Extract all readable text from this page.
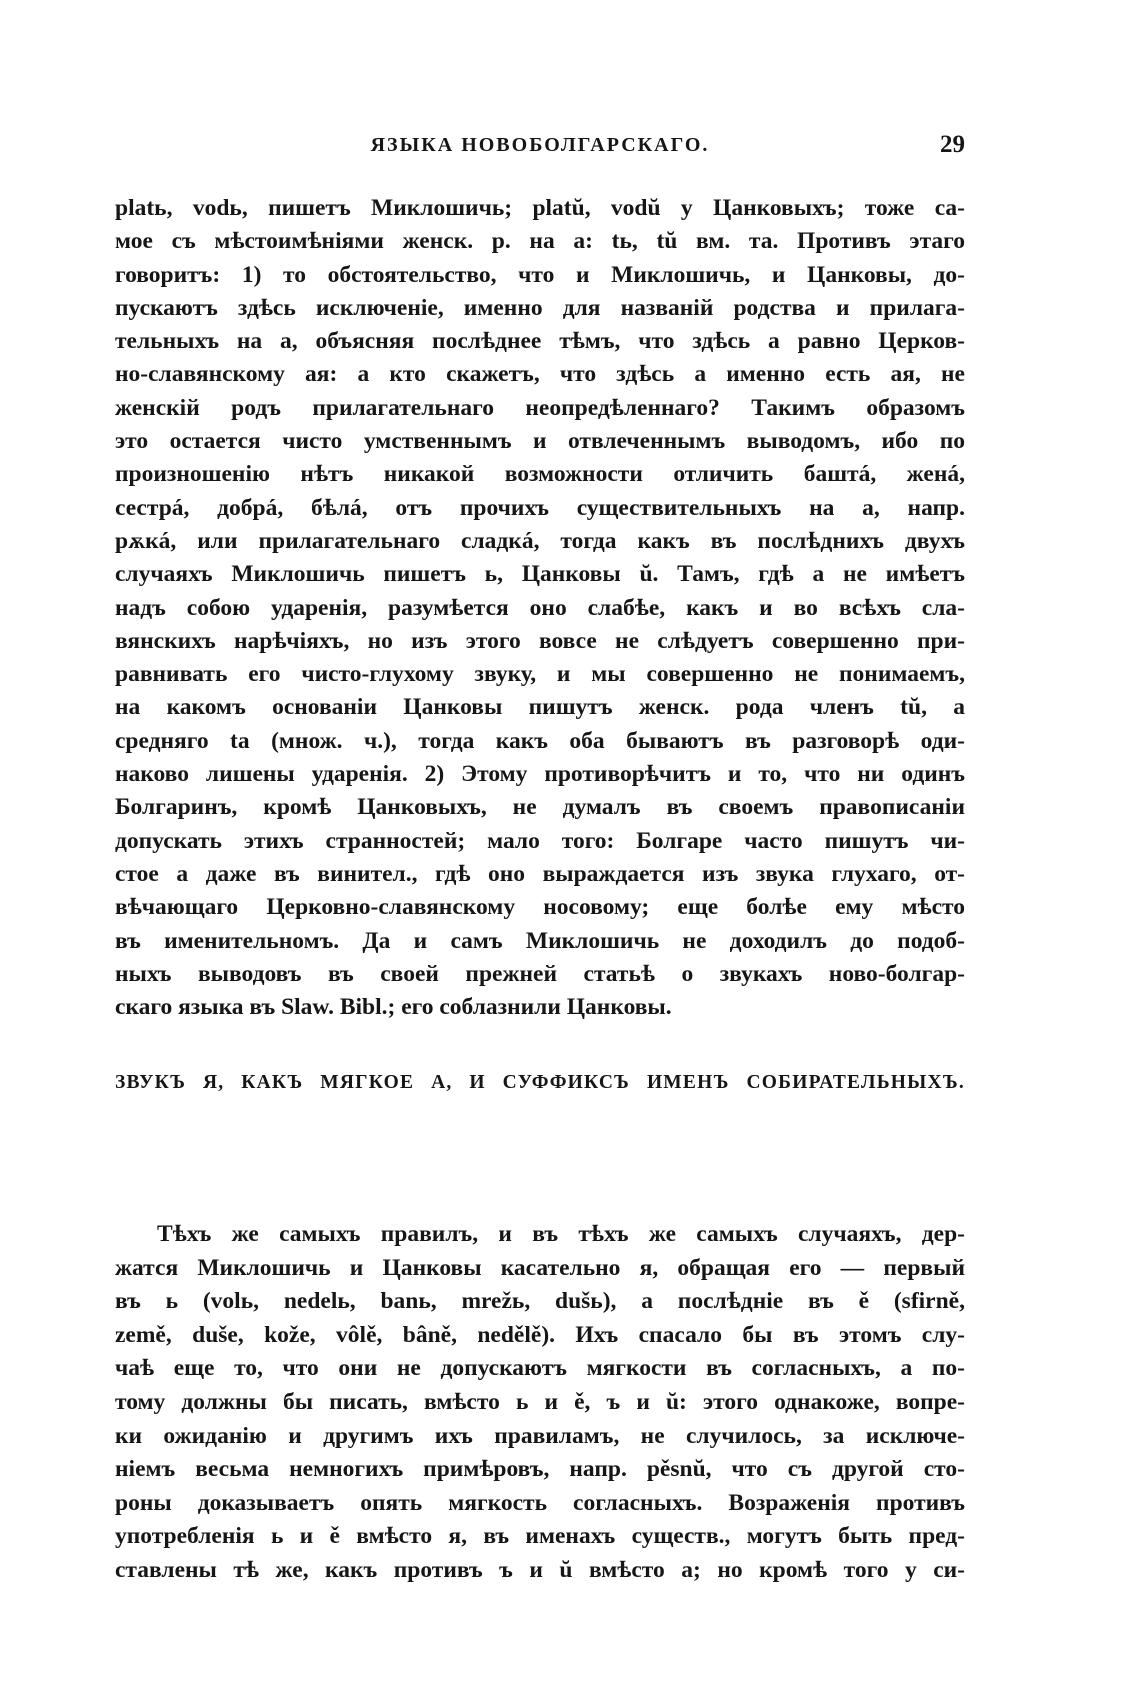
ЯЗЫКА НОВОБОЛГАРСКАГО.	29
platь, vodь, пишетъ Миклошичь; platŭ, vodŭ у Цанковыхъ; тоже са-
мое съ мѣстоимѣніями женск. р. на а: tь, tŭ вм. та. Противъ этаго
говоритъ: 1) то обстоятельство, что и Миклошичь, и Цанковы, до-
пускаютъ здѣсь исключеніе, именно для названій родства и прилага-
тельныхъ на а, объясняя послѣднее тѣмъ, что здѣсь а равно Церков-
но-славянскому ая: а кто скажетъ, что здѣсь а именно есть ая, не
женскій родъ прилагательнаго неопредѣленнаго? Такимъ образомъ
это остается чисто умственнымъ и отвлеченнымъ выводомъ, ибо по
произношенію нѣтъ никакой возможности отличить баштá, женá,
сестрá, добрá, бѣлá, отъ прочихъ существительныхъ на а, напр.
рѫкá, или прилагательнаго сладкá, тогда какъ въ послѣднихъ двухъ
случаяхъ Миклошичь пишетъ ь, Цанковы ŭ. Тамъ, гдѣ а не имѣетъ
надъ собою ударенія, разумѣется оно слабѣе, какъ и во всѣхъ сла-
вянскихъ нарѣчіяхъ, но изъ этого вовсе не слѣдуетъ совершенно при-
равнивать его чисто-глухому звуку, и мы совершенно не понимаемъ,
на какомъ основаніи Цанковы пишутъ женск. рода членъ tŭ, а
средняго ta (множ. ч.), тогда какъ оба бываютъ въ разговорѣ оди-
наково лишены ударенія. 2) Этому противорѣчитъ и то, что ни одинъ
Болгаринъ, кромѣ Цанковыхъ, не думалъ въ своемъ правописаніи
допускать этихъ странностей; мало того: Болгаре часто пишутъ чи-
стое а даже въ винител., гдѣ оно выраждается изъ звука глухаго, от-
вѣчающаго Церковно-славянскому носовому; еще болѣе ему мѣсто
въ именительномъ. Да и самъ Миклошичь не доходилъ до подоб-
ныхъ выводовъ въ своей прежней статьѣ о звукахъ ново-болгар-
скаго языка въ Slaw. Bibl.; его соблазнили Цанковы.
ЗВУКЪ Я, КАКЪ МЯГКОЕ А, И СУФФИКСЪ ИМЕНЪ СОБИРАТЕЛЬНЫХЪ.
Тѣхъ же самыхъ правилъ, и въ тѣхъ же самыхъ случаяхъ, дер-
жатся Миклошичь и Цанковы касательно я, обращая его — первый
въ ь (volь, nedelь, banь, mrežь, dušь), а послѣдніе въ ě (sfirně,
země, duše, kože, vôlě, bâně, nedělě). Ихъ спасало бы въ этомъ слу-
чаѣ еще то, что они не допускаютъ мягкости въ согласныхъ, а по-
тому должны бы писать, вмѣсто ь и ě, ъ и ŭ: этого однакоже, вопре-
ки ожиданію и другимъ ихъ правиламъ, не случилось, за исключе-
ніемъ весьма немногихъ примѣровъ, напр. pěsnŭ, что съ другой сто-
роны доказываетъ опять мягкость согласныхъ. Возраженія противъ
употребленія ь и ě вмѣсто я, въ именахъ существ., могутъ быть пред-
ставлены тѣ же, какъ противъ ъ и ŭ вмѣсто а; но кромѣ того у си-
